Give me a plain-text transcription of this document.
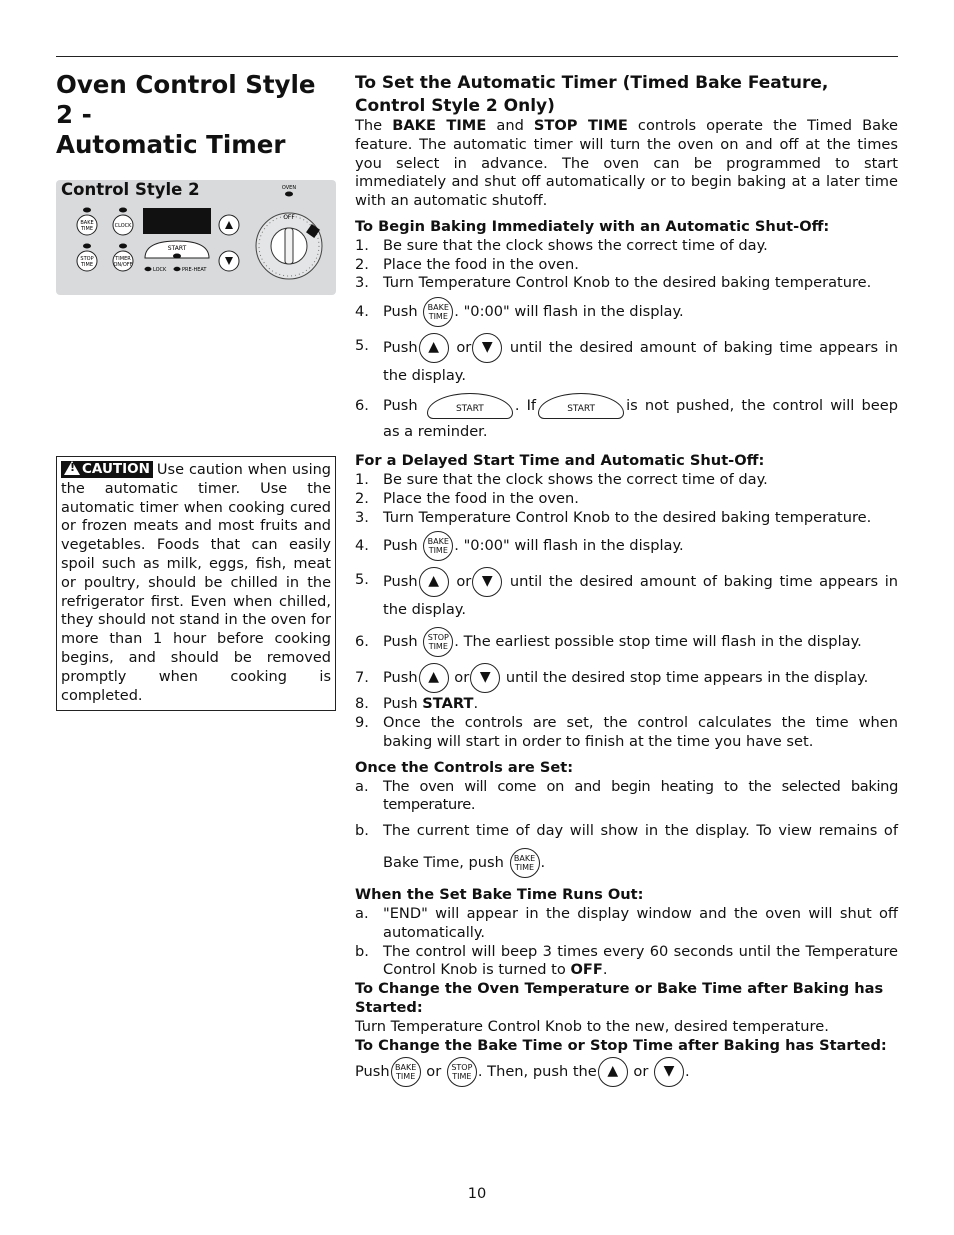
Oven Control Style 2 -
Automatic Timer
Control Style 2
BAKE
TIME	CLOCK
STOP
TIME
TIMER
ON/OFF
START
LOCK	PRE-HEAT
OVEN
OFF
!CAUTION Use caution when using the automatic timer. Use the automatic timer when cooking cured or frozen meats and most fruits and vegetables. Foods that can easily spoil such as milk, eggs, fish, meat or poultry, should be chilled in the refrigerator first. Even when chilled, they should not stand in the oven for more than 1 hour before cooking begins, and should be removed promptly when cooking is completed.
To Set the Automatic Timer (Timed Bake Feature, Control Style 2 Only)

The BAKE TIME and STOP TIME controls operate the Timed Bake feature. The automatic timer will turn the oven on and off at the times you select in advance. The oven can be programmed to start immediately and shut off automatically or to begin baking at a later time with an automatic shutoff.

To Begin Baking Immediately with an Automatic Shut-Off:
1. Be sure that the clock shows the correct time of day.
2. Place the food in the oven.
3. Turn Temperature Control Knob to the desired baking temperature.
4. Push BAKE TIME . "0:00" will flash in the display.
5. Push ▲ or ▼ until the desired amount of baking time appears in the display.
6. Push	START . If	START is not pushed, the control will beep as a reminder.
For a Delayed Start Time and Automatic Shut-Off:
1. Be sure that the clock shows the correct time of day.
2. Place the food in the oven.
3. Turn Temperature Control Knob to the desired baking temperature.
4. Push BAKE TIME . "0:00" will flash in the display.
5. Push ▲ or ▼ until the desired amount of baking time appears in the display.
6. Push STOP TIME . The earliest possible stop time will flash in the display.
7. Push ▲ or ▼ until the desired stop time appears in the display.
8. Push START.
9. Once the controls are set, the control calculates the time when baking will start in order to finish at the time you have set.
Once the Controls are Set:
a. The oven will come on and begin heating to the selected baking temperature.
b. The current time of day will show in the display. To view remains of Bake Time, push BAKE TIME .
When the Set Bake Time Runs Out:
a. "END" will appear in the display window and the oven will shut off automatically.
b. The control will beep 3 times every 60 seconds until the Temperature Control Knob is turned to OFF.
To Change the Oven Temperature or Bake Time after Baking has Started:

Turn Temperature Control Knob to the new, desired temperature.

To Change the Bake Time or Stop Time after Baking has Started:

Push BAKE TIME or STOP TIME . Then, push the ▲ or ▼ .

10
